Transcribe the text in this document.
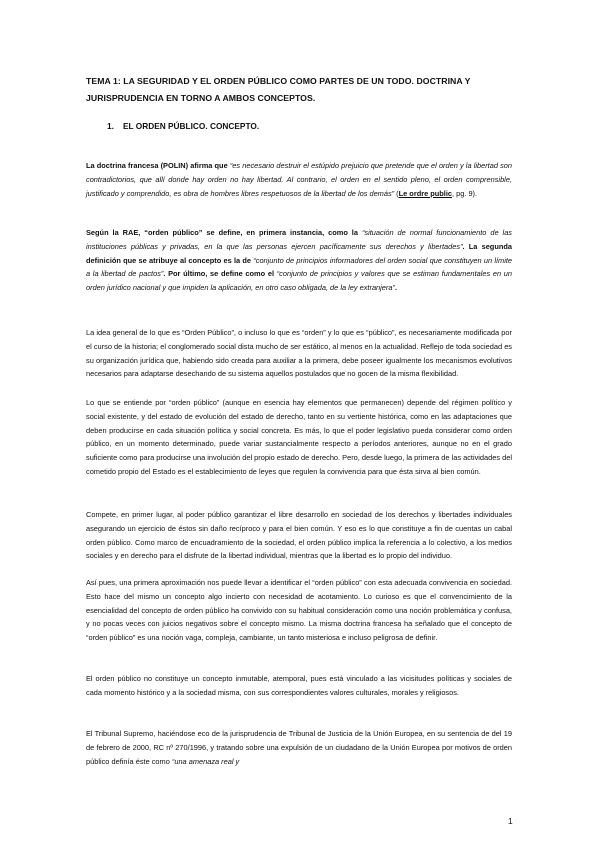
TEMA 1: LA SEGURIDAD Y EL ORDEN PÚBLICO COMO PARTES DE UN TODO. DOCTRINA Y JURISPRUDENCIA EN TORNO A AMBOS CONCEPTOS.
1. EL ORDEN PÚBLICO. CONCEPTO.
La doctrina francesa (POLIN) afirma que “es necesario destruir el estúpido prejuicio que pretende que el orden y la libertad son contradictorios, que allí donde hay orden no hay libertad. Al contrario, el orden en el sentido pleno, el orden comprensible, justificado y comprendido, es obra de hombres libres respetuosos de la libertad de los demás” (Le ordre public, pg. 9).
Según la RAE, “orden público” se define, en primera instancia, como la “situación de normal funcionamiento de las instituciones públicas y privadas, en la que las personas ejercen pacíficamente sus derechos y libertades”. La segunda definición que se atribuye al concepto es la de “conjunto de principios informadores del orden social que constituyen un límite a la libertad de pactos”. Por último, se define como el “conjunto de principios y valores que se estiman fundamentales en un orden jurídico nacional y que impiden la aplicación, en otro caso obligada, de la ley extranjera”.
La idea general de lo que es “Orden Público”, o incluso lo que es “orden” y lo que es “público”, es necesariamente modificada por el curso de la historia; el conglomerado social dista mucho de ser estático, al menos en la actualidad. Reflejo de toda sociedad es su organización jurídica que, habiendo sido creada para auxiliar a la primera, debe poseer igualmente los mecanismos evolutivos necesarios para adaptarse desechando de su sistema aquellos postulados que no gocen de la misma flexibilidad.
Lo que se entiende por “orden público” (aunque en esencia hay elementos que permanecen) depende del régimen político y social existente, y del estado de evolución del estado de derecho, tanto en su vertiente histórica, como en las adaptaciones que deben producirse en cada situación política y social concreta. Es más, lo que el poder legislativo pueda considerar como orden público, en un momento determinado, puede variar sustancialmente respecto a períodos anteriores, aunque no en el grado suficiente como para producirse una involución del propio estado de derecho. Pero, desde luego, la primera de las actividades del cometido propio del Estado es el establecimiento de leyes que regulen la convivencia para que ésta sirva al bien común.
Compete, en primer lugar, al poder público garantizar el libre desarrollo en sociedad de los derechos y libertades individuales asegurando un ejercicio de éstos sin daño recíproco y para el bien común. Y eso es lo que constituye a fin de cuentas un cabal orden público. Como marco de encuadramiento de la sociedad, el orden público implica la referencia a lo colectivo, a los medios sociales y en derecho para el disfrute de la libertad individual, mientras que la libertad es lo propio del individuo.
Así pues, una primera aproximación nos puede llevar a identificar el “orden público” con esta adecuada convivencia en sociedad. Esto hace del mismo un concepto algo incierto con necesidad de acotamiento. Lo curioso es que el convencimiento de la esencialidad del concepto de orden público ha convivido con su habitual consideración como una noción problemática y confusa, y no pocas veces con juicios negativos sobre el concepto mismo. La misma doctrina francesa ha señalado que el concepto de “orden público” es una noción vaga, compleja, cambiante, un tanto misteriosa e incluso peligrosa de definir.
El orden público no constituye un concepto inmutable, atemporal, pues está vinculado a las vicisitudes políticas y sociales de cada momento histórico y a la sociedad misma, con sus correspondientes valores culturales, morales y religiosos.
El Tribunal Supremo, haciéndose eco de la jurisprudencia de Tribunal de Justicia de la Unión Europea, en su sentencia de del 19 de febrero de 2000, RC nº 270/1996, y tratando sobre una expulsión de un ciudadano de la Unión Europea por motivos de orden público definía éste como “una amenaza real y
1
